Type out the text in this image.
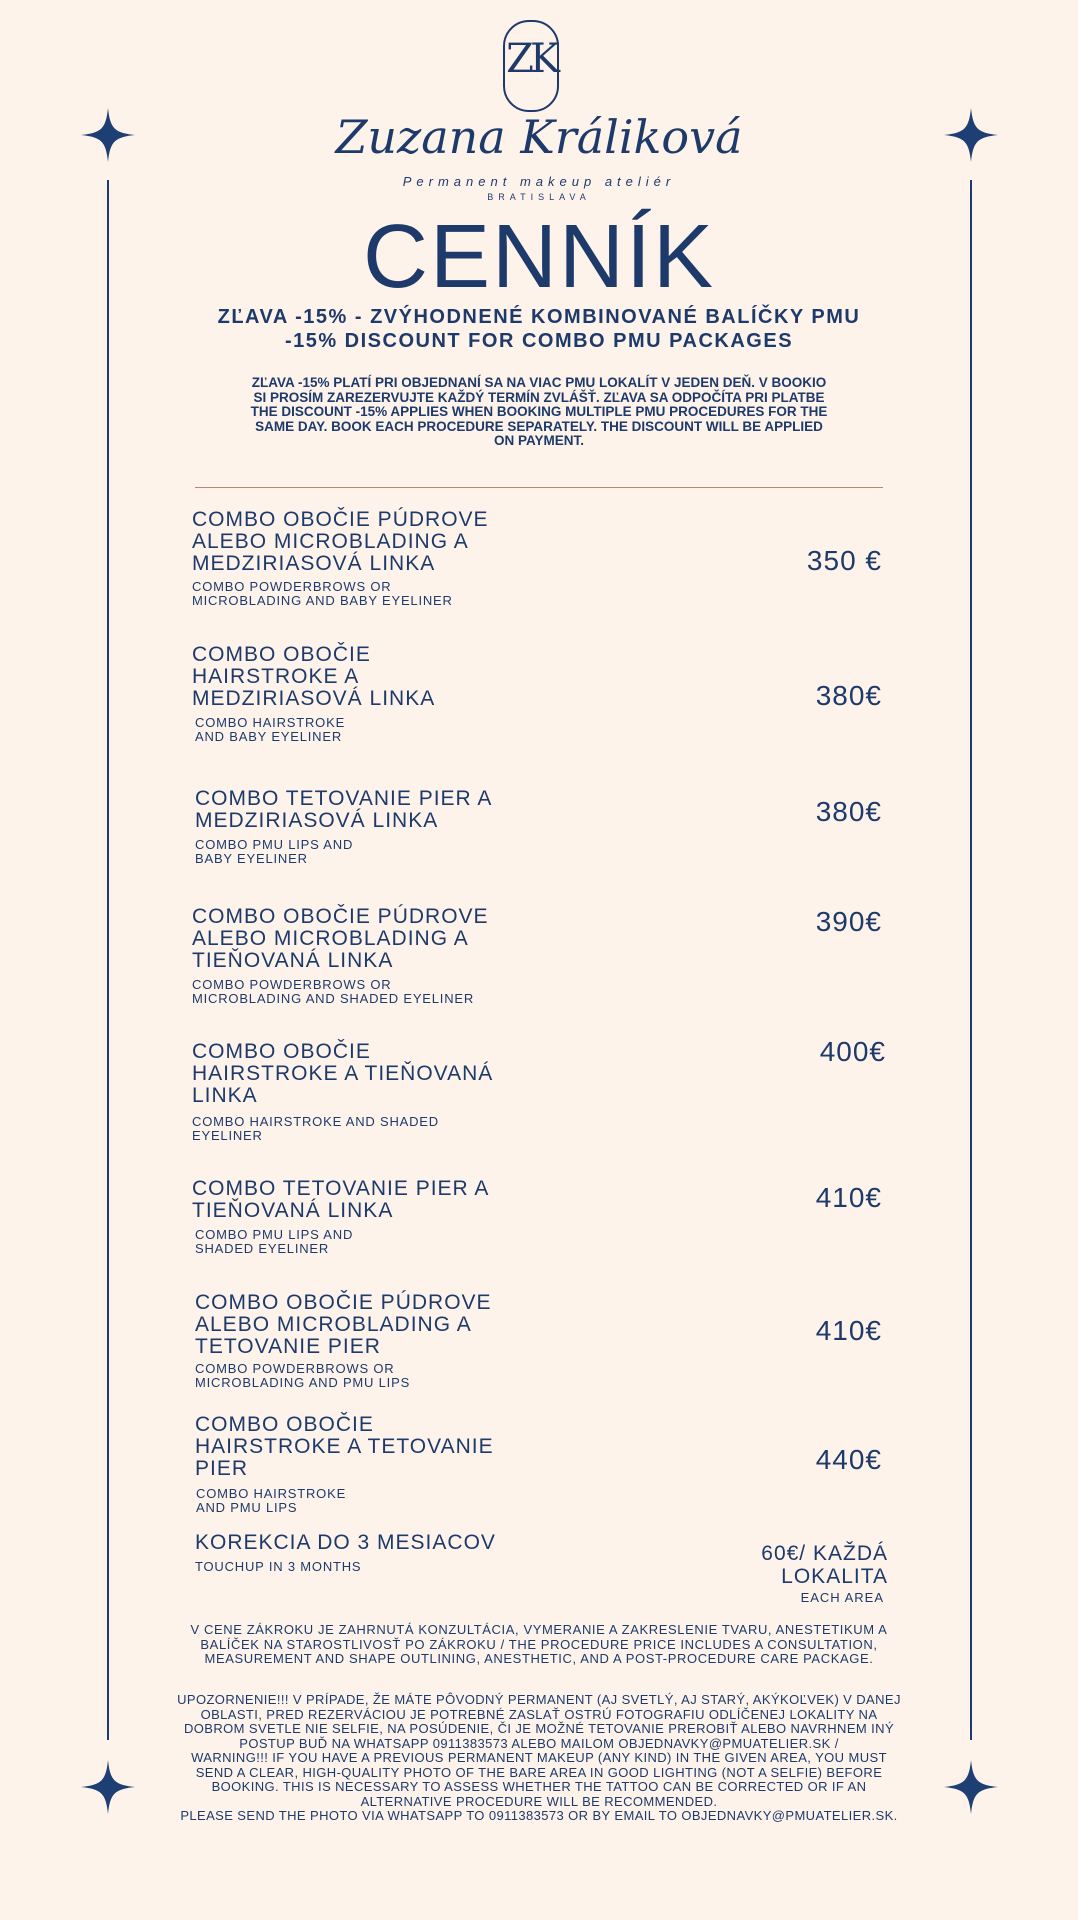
ZK
Zuzana Králiková
Permanent makeup ateliér
BRATISLAVA
CENNÍK
ZĽAVA -15% - ZVÝHODNENÉ KOMBINOVANÉ BALÍČKY PMU
-15% DISCOUNT FOR COMBO PMU PACKAGES
ZĽAVA -15% PLATÍ PRI OBJEDNANÍ SA NA VIAC PMU LOKALÍT V JEDEN DEŇ. V BOOKIO
SI PROSÍM ZAREZERVUJTE KAŽDÝ TERMÍN ZVLÁŠŤ. ZĽAVA SA ODPOČÍTA PRI PLATBE
THE DISCOUNT -15% APPLIES WHEN BOOKING MULTIPLE PMU PROCEDURES FOR THE
SAME DAY. BOOK EACH PROCEDURE SEPARATELY. THE DISCOUNT WILL BE APPLIED
ON PAYMENT.
COMBO OBOČIE PÚDROVE
ALEBO MICROBLADING A
MEDZIRIASOVÁ LINKA
COMBO POWDERBROWS OR
MICROBLADING AND BABY EYELINER
350 €
COMBO OBOČIE
HAIRSTROKE A
MEDZIRIASOVÁ LINKA
COMBO HAIRSTROKE
AND BABY EYELINER
380€
COMBO TETOVANIE PIER A
MEDZIRIASOVÁ LINKA
COMBO PMU LIPS AND
BABY EYELINER
380€
COMBO OBOČIE PÚDROVE
ALEBO MICROBLADING A
TIEŇOVANÁ LINKA
COMBO POWDERBROWS OR
MICROBLADING AND SHADED EYELINER
390€
COMBO OBOČIE
HAIRSTROKE A TIEŇOVANÁ
LINKA
COMBO HAIRSTROKE AND SHADED
EYELINER
400€
COMBO TETOVANIE PIER A
TIEŇOVANÁ LINKA
COMBO PMU LIPS AND
SHADED EYELINER
410€
COMBO OBOČIE PÚDROVE
ALEBO MICROBLADING A
TETOVANIE PIER
COMBO POWDERBROWS OR
MICROBLADING AND PMU LIPS
410€
COMBO OBOČIE
HAIRSTROKE A TETOVANIE
PIER
COMBO HAIRSTROKE
AND PMU LIPS
440€
KOREKCIA DO 3 MESIACOV
TOUCHUP IN 3 MONTHS
60€/ KAŽDÁ
LOKALITA
EACH AREA
V CENE ZÁKROKU JE ZAHRNUTÁ KONZULTÁCIA, VYMERANIE A ZAKRESLENIE TVARU, ANESTETIKUM A
BALÍČEK NA STAROSTLIVOSŤ PO ZÁKROKU / THE PROCEDURE PRICE INCLUDES A CONSULTATION,
MEASUREMENT AND SHAPE OUTLINING, ANESTHETIC, AND A POST-PROCEDURE CARE PACKAGE.
UPOZORNENIE!!! V PRÍPADE, ŽE MÁTE PÔVODNÝ PERMANENT (AJ SVETLÝ, AJ STARÝ, AKÝKOĽVEK) V DANEJ
OBLASTI, PRED REZERVÁCIOU JE POTREBNÉ ZASLAŤ OSTRÚ FOTOGRAFIU ODLÍČENEJ LOKALITY NA
DOBROM SVETLE NIE SELFIE, NA POSÚDENIE, ČI JE MOŽNÉ TETOVANIE PREROBIŤ ALEBO NAVRHNEM INÝ
POSTUP BUĎ NA WHATSAPP 0911383573 ALEBO MAILOM OBJEDNAVKY@PMUATELIER.SK /
WARNING!!! IF YOU HAVE A PREVIOUS PERMANENT MAKEUP (ANY KIND) IN THE GIVEN AREA, YOU MUST
SEND A CLEAR, HIGH-QUALITY PHOTO OF THE BARE AREA IN GOOD LIGHTING (NOT A SELFIE) BEFORE
BOOKING. THIS IS NECESSARY TO ASSESS WHETHER THE TATTOO CAN BE CORRECTED OR IF AN
ALTERNATIVE PROCEDURE WILL BE RECOMMENDED.
PLEASE SEND THE PHOTO VIA WHATSAPP TO 0911383573 OR BY EMAIL TO OBJEDNAVKY@PMUATELIER.SK.
